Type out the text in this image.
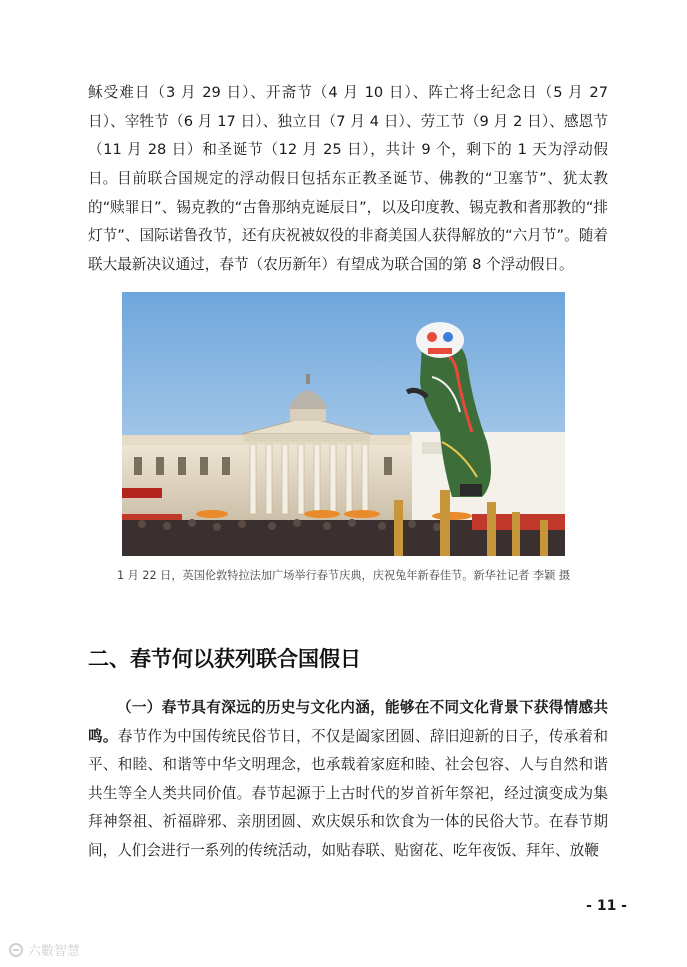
稣受难日（3 月 29 日）、开斋节（4 月 10 日）、阵亡将士纪念日（5 月 27 日）、宰牲节（6 月 17 日）、独立日（7 月 4 日）、劳工节（9 月 2 日）、感恩节（11 月 28 日）和圣诞节（12 月 25 日），共计 9 个，剩下的 1 天为浮动假日。 目前联合国规定的浮动假日包括东正教圣诞节、佛教的“卫塞节”、犹太教的“赎罪日”、锡克教的“古鲁那纳克诞辰日”，以及印度教、锡克教和耆那教的“排灯节”、国际诺鲁孜节，还有庆祝被奴役的非裔美国人获得解放的“六月节”。随着联大最新决议通过，春节（农历新年）有望成为联合国的第 8 个浮动假日。

1 月 22 日，英国伦敦特拉法加广场举行春节庆典，庆祝兔年新春佳节。新华社记者 李颖 摄
二、春节何以获列联合国假日

（一）春节具有深远的历史与文化内涵，能够在不同文化背景下获得情感共鸣。春节作为中国传统民俗节日，不仅是阖家团圆、辞旧迎新的日子，传承着和平、和睦、和谐等中华文明理念，也承载着家庭和睦、社会包容、人与自然和谐共生等全人类共同价值。春节起源于上古时代的岁首祈年祭祀，经过演变成为集拜神祭祖、祈福辟邪、亲朋团圆、欢庆娱乐和饮食为一体的民俗大节。在春节期间，人们会进行一系列的传统活动，如贴春联、贴窗花、吃年夜饭、拜年、放鞭

- 11 -
六數智慧
